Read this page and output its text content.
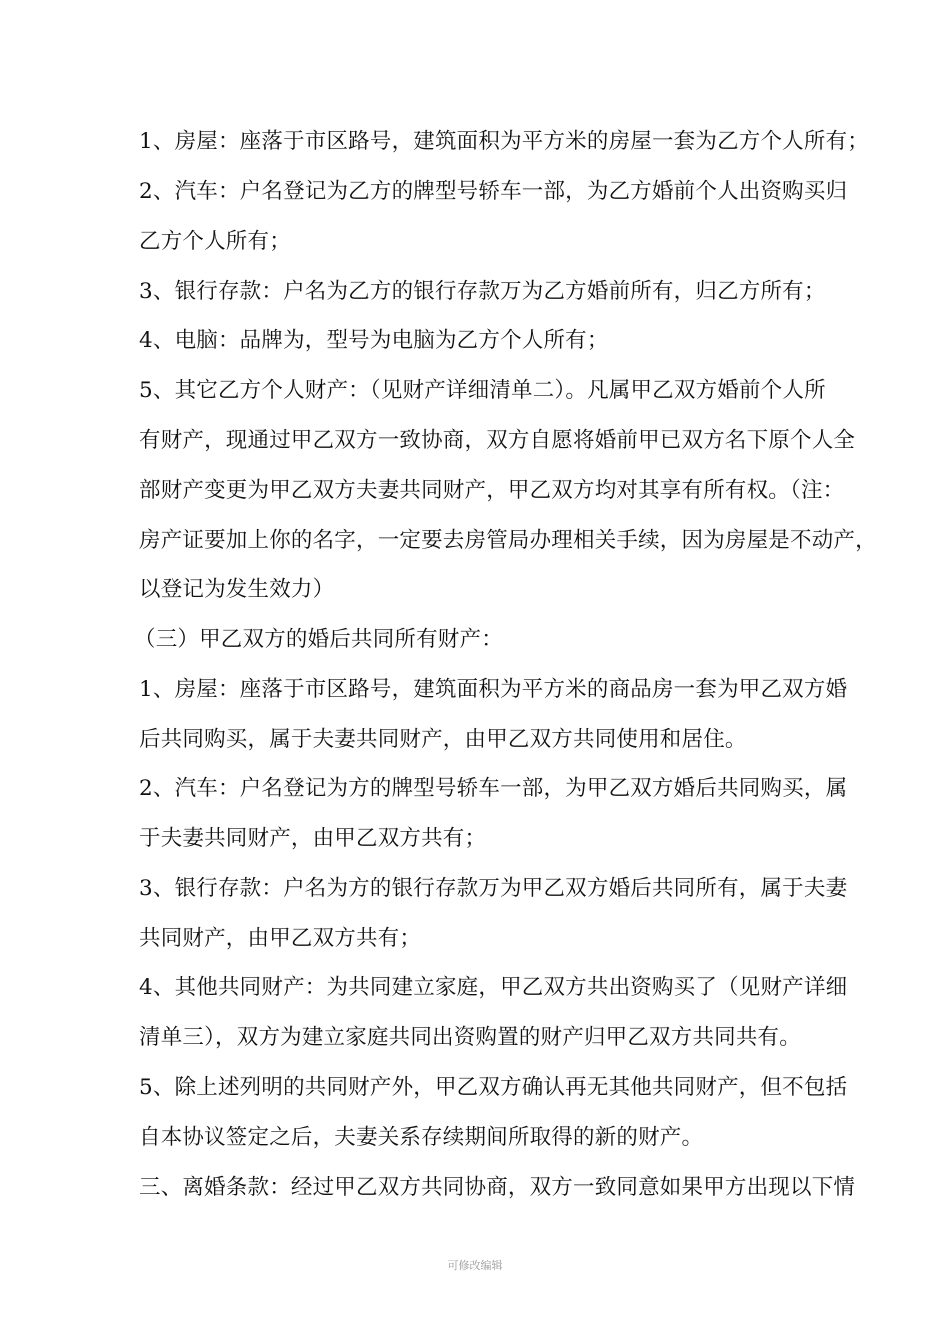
1、房屋：座落于市区路号，建筑面积为平方米的房屋一套为乙方个人所有；
2、汽车：户名登记为乙方的牌型号轿车一部，为乙方婚前个人出资购买归
乙方个人所有；
3、银行存款：户名为乙方的银行存款万为乙方婚前所有，归乙方所有；
4、电脑：品牌为，型号为电脑为乙方个人所有；
5、其它乙方个人财产：（见财产详细清单二）。凡属甲乙双方婚前个人所
有财产，现通过甲乙双方一致协商，双方自愿将婚前甲已双方名下原个人全
部财产变更为甲乙双方夫妻共同财产，甲乙双方均对其享有所有权。（注：
房产证要加上你的名字，一定要去房管局办理相关手续，因为房屋是不动产，
以登记为发生效力）
（三）甲乙双方的婚后共同所有财产：
1、房屋：座落于市区路号，建筑面积为平方米的商品房一套为甲乙双方婚
后共同购买，属于夫妻共同财产，由甲乙双方共同使用和居住。
2、汽车：户名登记为方的牌型号轿车一部，为甲乙双方婚后共同购买，属
于夫妻共同财产，由甲乙双方共有；
3、银行存款：户名为方的银行存款万为甲乙双方婚后共同所有，属于夫妻
共同财产，由甲乙双方共有；
4、其他共同财产：为共同建立家庭，甲乙双方共出资购买了（见财产详细
清单三），双方为建立家庭共同出资购置的财产归甲乙双方共同共有。
5、除上述列明的共同财产外，甲乙双方确认再无其他共同财产，但不包括
自本协议签定之后，夫妻关系存续期间所取得的新的财产。
三、离婚条款：经过甲乙双方共同协商，双方一致同意如果甲方出现以下情
可修改编辑
